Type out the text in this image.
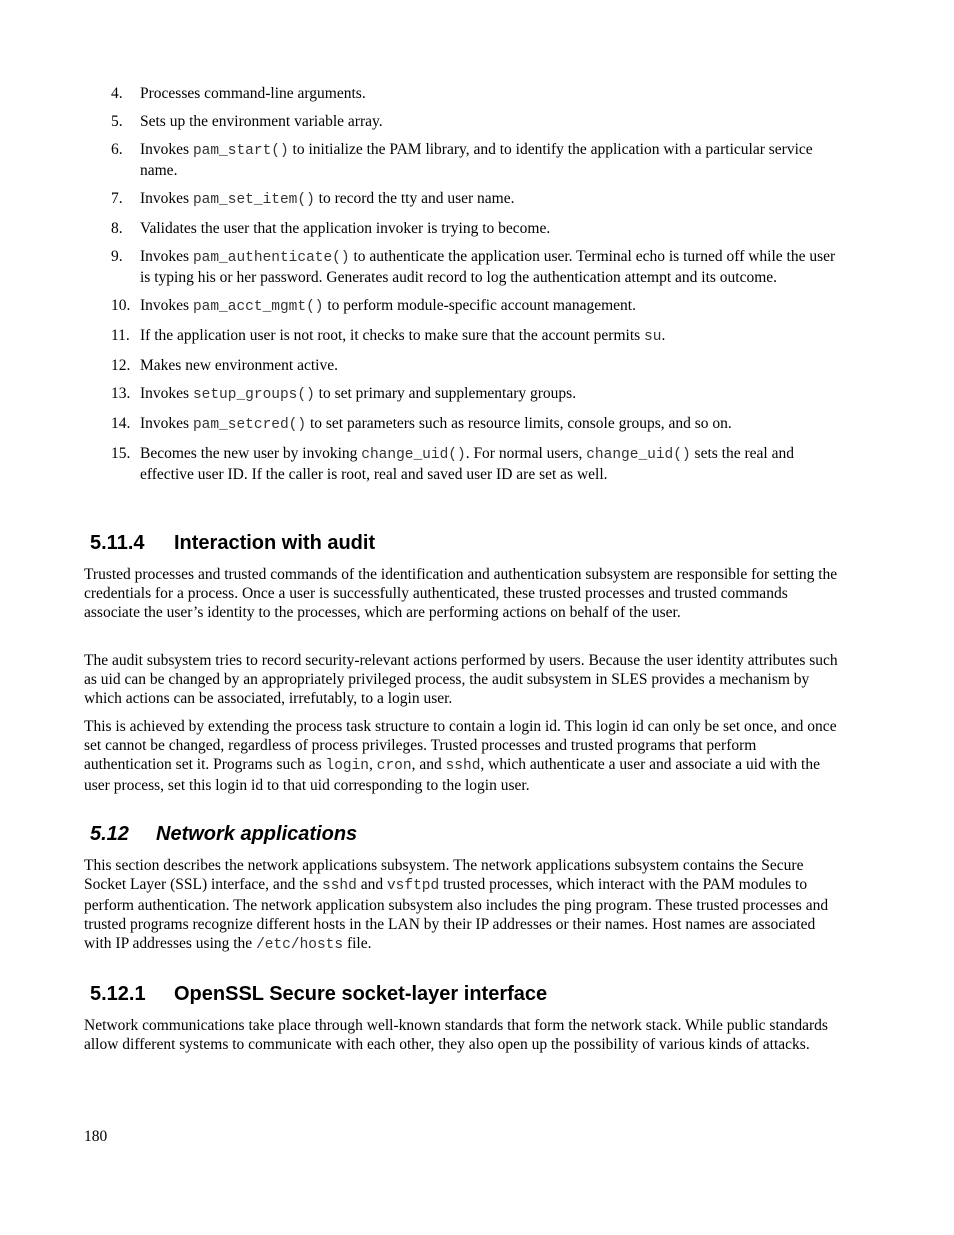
4. Processes command-line arguments.
5. Sets up the environment variable array.
6. Invokes pam_start() to initialize the PAM library, and to identify the application with a particular service name.
7. Invokes pam_set_item() to record the tty and user name.
8. Validates the user that the application invoker is trying to become.
9. Invokes pam_authenticate() to authenticate the application user. Terminal echo is turned off while the user is typing his or her password. Generates audit record to log the authentication attempt and its outcome.
10. Invokes pam_acct_mgmt() to perform module-specific account management.
11. If the application user is not root, it checks to make sure that the account permits su.
12. Makes new environment active.
13. Invokes setup_groups() to set primary and supplementary groups.
14. Invokes pam_setcred() to set parameters such as resource limits, console groups, and so on.
15. Becomes the new user by invoking change_uid(). For normal users, change_uid() sets the real and effective user ID. If the caller is root, real and saved user ID are set as well.
5.11.4 Interaction with audit

Trusted processes and trusted commands of the identification and authentication subsystem are responsible for setting the credentials for a process. Once a user is successfully authenticated, these trusted processes and trusted commands associate the user’s identity to the processes, which are performing actions on behalf of the user.

The audit subsystem tries to record security-relevant actions performed by users. Because the user identity attributes such as uid can be changed by an appropriately privileged process, the audit subsystem in SLES provides a mechanism by which actions can be associated, irrefutably, to a login user.

This is achieved by extending the process task structure to contain a login id. This login id can only be set once, and once set cannot be changed, regardless of process privileges. Trusted processes and trusted programs that perform authentication set it. Programs such as login, cron, and sshd, which authenticate a user and associate a uid with the user process, set this login id to that uid corresponding to the login user.

5.12 Network applications

This section describes the network applications subsystem. The network applications subsystem contains the Secure Socket Layer (SSL) interface, and the sshd and vsftpd trusted processes, which interact with the PAM modules to perform authentication. The network application subsystem also includes the ping program. These trusted processes and trusted programs recognize different hosts in the LAN by their IP addresses or their names. Host names are associated with IP addresses using the /etc/hosts file.

5.12.1 OpenSSL Secure socket-layer interface

Network communications take place through well-known standards that form the network stack. While public standards allow different systems to communicate with each other, they also open up the possibility of various kinds of attacks.

180
